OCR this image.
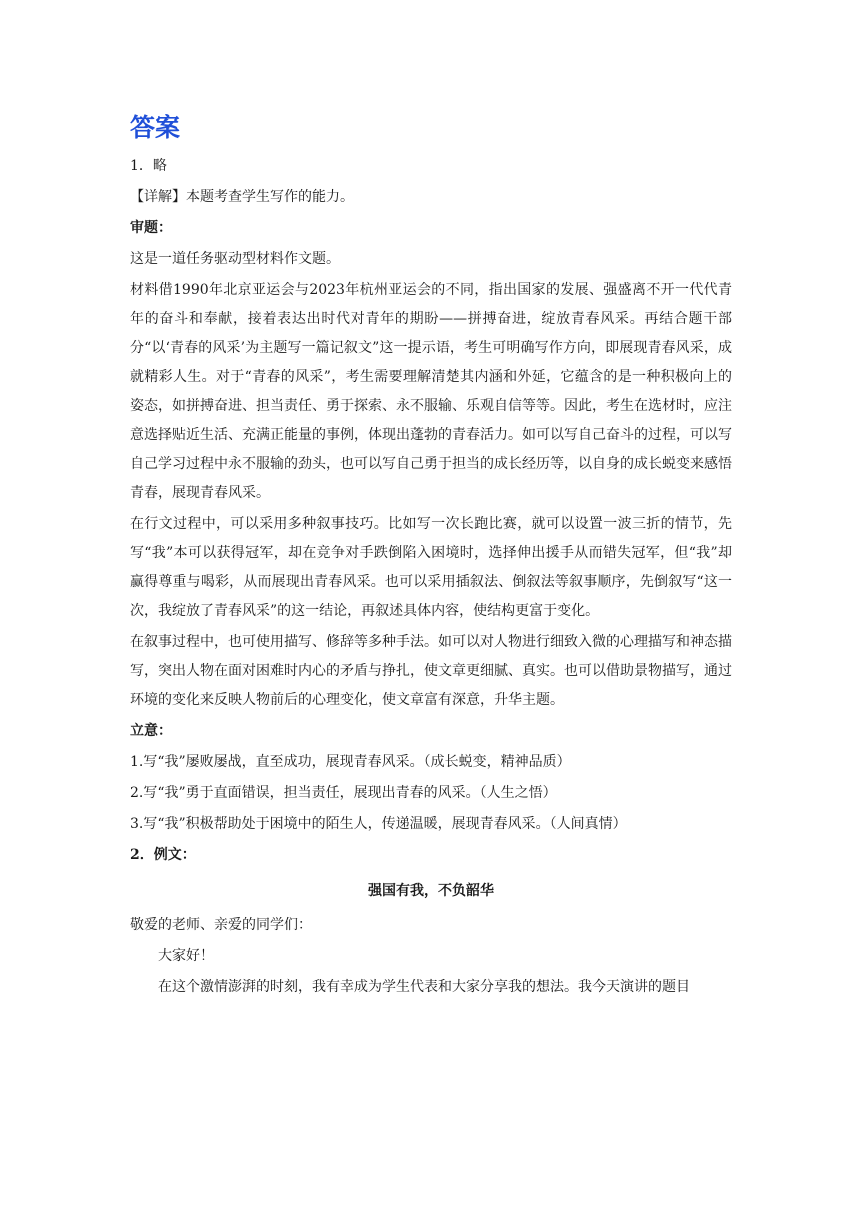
答案
1．略
【详解】本题考查学生写作的能力。
审题：
这是一道任务驱动型材料作文题。
材料借1990年北京亚运会与2023年杭州亚运会的不同，指出国家的发展、强盛离不开一代代青年的奋斗和奉献，接着表达出时代对青年的期盼——拼搏奋进，绽放青春风采。再结合题干部分“以‘青春的风采’为主题写一篇记叙文”这一提示语，考生可明确写作方向，即展现青春风采，成就精彩人生。对于“青春的风采”，考生需要理解清楚其内涵和外延，它蕴含的是一种积极向上的姿态，如拼搏奋进、担当责任、勇于探索、永不服输、乐观自信等等。因此，考生在选材时，应注意选择贴近生活、充满正能量的事例，体现出蓬勃的青春活力。如可以写自己奋斗的过程，可以写自己学习过程中永不服输的劲头，也可以写自己勇于担当的成长经历等，以自身的成长蜕变来感悟青春，展现青春风采。
在行文过程中，可以采用多种叙事技巧。比如写一次长跑比赛，就可以设置一波三折的情节，先写“我”本可以获得冠军，却在竞争对手跌倒陷入困境时，选择伸出援手从而错失冠军，但“我”却赢得尊重与喝彩，从而展现出青春风采。也可以采用插叙法、倒叙法等叙事顺序，先倒叙写“这一次，我绽放了青春风采”的这一结论，再叙述具体内容，使结构更富于变化。
在叙事过程中，也可使用描写、修辞等多种手法。如可以对人物进行细致入微的心理描写和神态描写，突出人物在面对困难时内心的矛盾与挣扎，使文章更细腻、真实。也可以借助景物描写，通过环境的变化来反映人物前后的心理变化，使文章富有深意，升华主题。
立意：
1.写“我”屡败屡战，直至成功，展现青春风采。（成长蜕变，精神品质）
2.写“我”勇于直面错误，担当责任，展现出青春的风采。（人生之悟）
3.写“我”积极帮助处于困境中的陌生人，传递温暖，展现青春风采。（人间真情）
2．例文：
强国有我，不负韶华
敬爱的老师、亲爱的同学们：
大家好！
在这个激情澎湃的时刻，我有幸成为学生代表和大家分享我的想法。我今天演讲的题目
